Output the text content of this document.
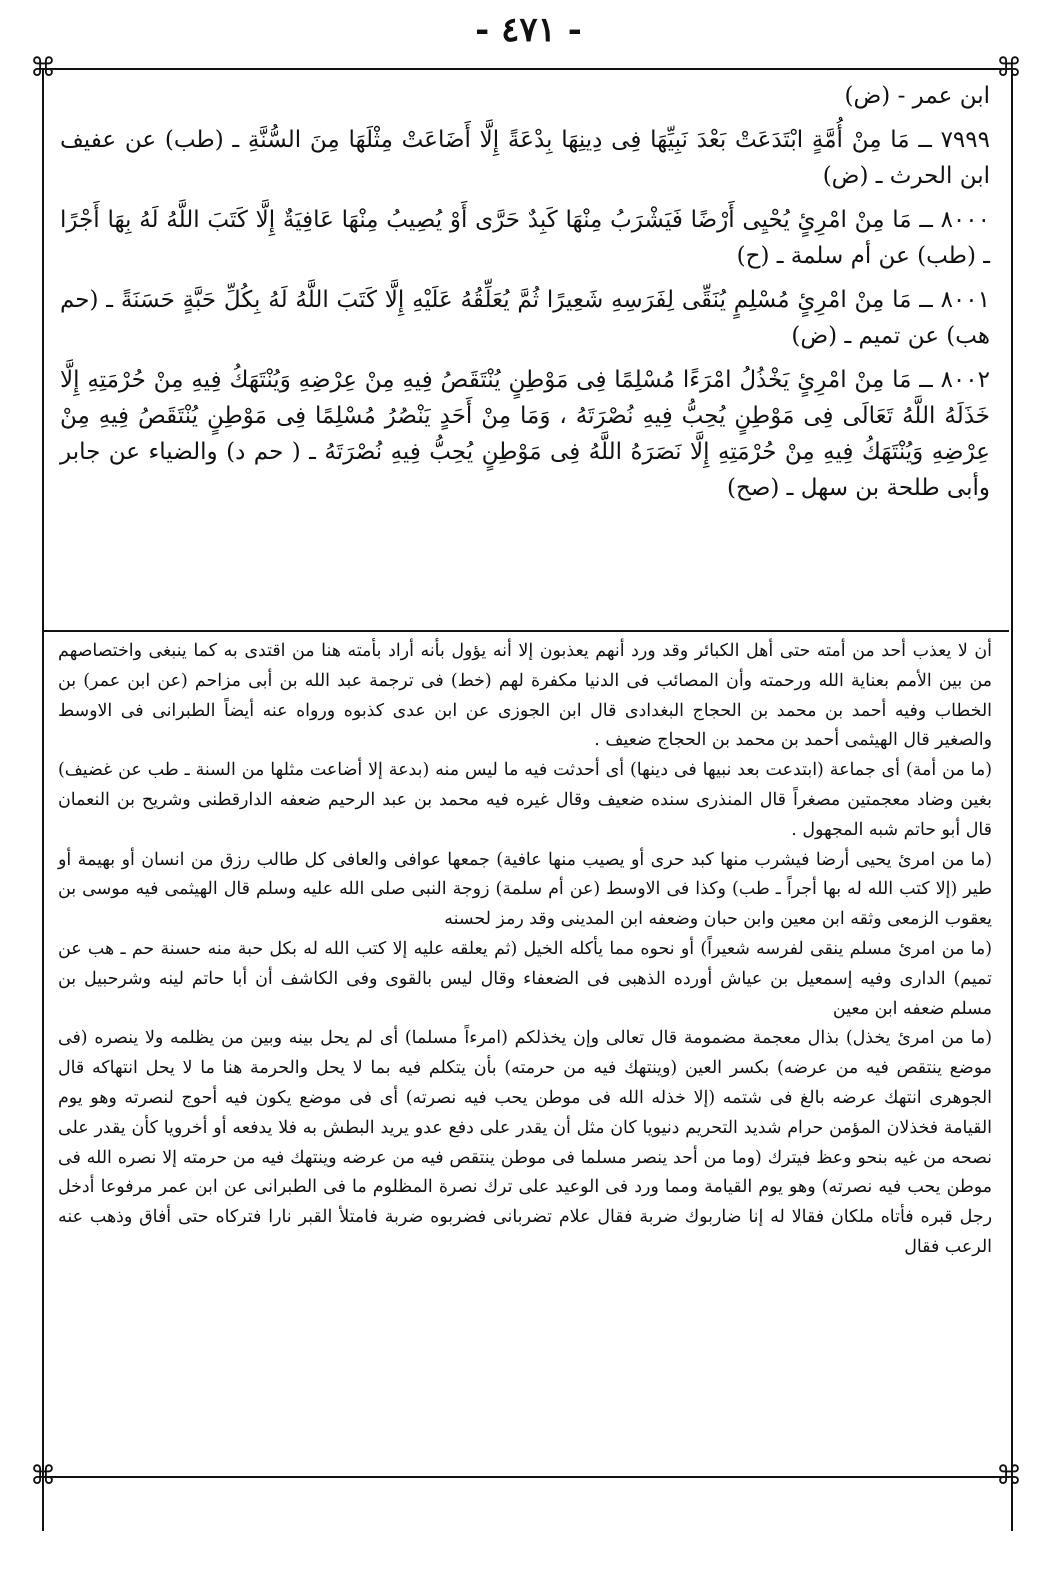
- ٤٧١ -
⌘	⌘
⌘	⌘

ابن عمر - (ض)

٧٩٩٩ ــ مَا مِنْ أُمَّةٍ ابْتَدَعَتْ بَعْدَ نَبِيِّهَا فِى دِينِهَا بِدْعَةً إِلَّا أَضَاعَتْ مِثْلَهَا مِنَ السُّنَّةِ ـ (طب) عن عفيف ابن الحرث ـ (ض)

٨٠٠٠ ــ مَا مِنْ امْرِئٍ يُحْيِى أَرْضًا فَيَشْرَبُ مِنْهَا كَبِدٌ حَرَّى أَوْ يُصِيبُ مِنْهَا عَافِيَةٌ إِلَّا كَتَبَ اللَّهُ لَهُ بِهَا أَجْرًا ـ (طب) عن أم سلمة ـ (ح)

٨٠٠١ ــ مَا مِنْ امْرِئٍ مُسْلِمٍ يُنَقِّى لِفَرَسِهِ شَعِيرًا ثُمَّ يُعَلِّقُهُ عَلَيْهِ إِلَّا كَتَبَ اللَّهُ لَهُ بِكُلِّ حَبَّةٍ حَسَنَةً ـ (حم هب) عن تميم ـ (ض)

٨٠٠٢ ــ مَا مِنْ امْرِئٍ يَخْذُلُ امْرَءًا مُسْلِمًا فِى مَوْطِنٍ يُنْتَقَصُ فِيهِ مِنْ عِرْضِهِ وَيُنْتَهَكُ فِيهِ مِنْ حُرْمَتِهِ إِلَّا خَذَلَهُ اللَّهُ تَعَالَى فِى مَوْطِنٍ يُحِبُّ فِيهِ نُصْرَتَهُ ، وَمَا مِنْ أَحَدٍ يَنْصُرُ مُسْلِمًا فِى مَوْطِنٍ يُنْتَقَصُ فِيهِ مِنْ عِرْضِهِ وَيُنْتَهَكُ فِيهِ مِنْ حُرْمَتِهِ إِلَّا نَصَرَهُ اللَّهُ فِى مَوْطِنٍ يُحِبُّ فِيهِ نُصْرَتَهُ ـ ( حم د) والضياء عن جابر وأبى طلحة بن سهل ـ (صح)

أن لا يعذب أحد من أمته حتى أهل الكبائر وقد ورد أنهم يعذبون إلا أنه يؤول بأنه أراد بأمته هنا من اقتدى به كما ينبغى واختصاصهم من بين الأمم بعناية الله ورحمته وأن المصائب فى الدنيا مكفرة لهم (خط) فى ترجمة عبد الله بن أبى مزاحم (عن ابن عمر) بن الخطاب وفيه أحمد بن محمد بن الحجاج البغدادى قال ابن الجوزى عن ابن عدى كذبوه ورواه عنه أيضاً الطبرانى فى الاوسط والصغير قال الهيثمى أحمد بن محمد بن الحجاج ضعيف .

(ما من أمة) أى جماعة (ابتدعت بعد نبيها فى دينها) أى أحدثت فيه ما ليس منه (بدعة إلا أضاعت مثلها من السنة ـ طب عن غضيف) بغين وضاد معجمتين مصغراً قال المنذرى سنده ضعيف وقال غيره فيه محمد بن عبد الرحيم ضعفه الدارقطنى وشريح بن النعمان قال أبو حاتم شبه المجهول .

(ما من امرئ يحيى أرضا فيشرب منها كبد حرى أو يصيب منها عافية) جمعها عوافى والعافى كل طالب رزق من انسان أو بهيمة أو طير (إلا كتب الله له بها أجراً ـ طب) وكذا فى الاوسط (عن أم سلمة) زوجة النبى صلى الله عليه وسلم قال الهيثمى فيه موسى بن يعقوب الزمعى وثقه ابن معين وابن حبان وضعفه ابن المدينى وقد رمز لحسنه

(ما من امرئ مسلم ينقى لفرسه شعيراً) أو نحوه مما يأكله الخيل (ثم يعلقه عليه إلا كتب الله له بكل حبة منه حسنة حم ـ هب عن تميم) الدارى وفيه إسمعيل بن عياش أورده الذهبى فى الضعفاء وقال ليس بالقوى وفى الكاشف أن أبا حاتم لينه وشرحبيل بن مسلم ضعفه ابن معين

(ما من امرئ يخذل) بذال معجمة مضمومة قال تعالى وإن يخذلكم (امرءاً مسلما) أى لم يحل بينه وبين من يظلمه ولا ينصره (فى موضع ينتقص فيه من عرضه) بكسر العين (وينتهك فيه من حرمته) بأن يتكلم فيه بما لا يحل والحرمة هنا ما لا يحل انتهاكه قال الجوهرى انتهك عرضه بالغ فى شتمه (إلا خذله الله فى موطن يحب فيه نصرته) أى فى موضع يكون فيه أحوج لنصرته وهو يوم القيامة فخذلان المؤمن حرام شديد التحريم دنيويا كان مثل أن يقدر على دفع عدو يريد البطش به فلا يدفعه أو أخرويا كأن يقدر على نصحه من غيه بنحو وعظ فيترك (وما من أحد ينصر مسلما فى موطن ينتقص فيه من عرضه وينتهك فيه من حرمته إلا نصره الله فى موطن يحب فيه نصرته) وهو يوم القيامة ومما ورد فى الوعيد على ترك نصرة المظلوم ما فى الطبرانى عن ابن عمر مرفوعا أدخل رجل قبره فأتاه ملكان فقالا له إنا ضاربوك ضربة فقال علام تضربانى فضربوه ضربة فامتلأ القبر نارا فتركاه حتى أفاق وذهب عنه الرعب فقال
